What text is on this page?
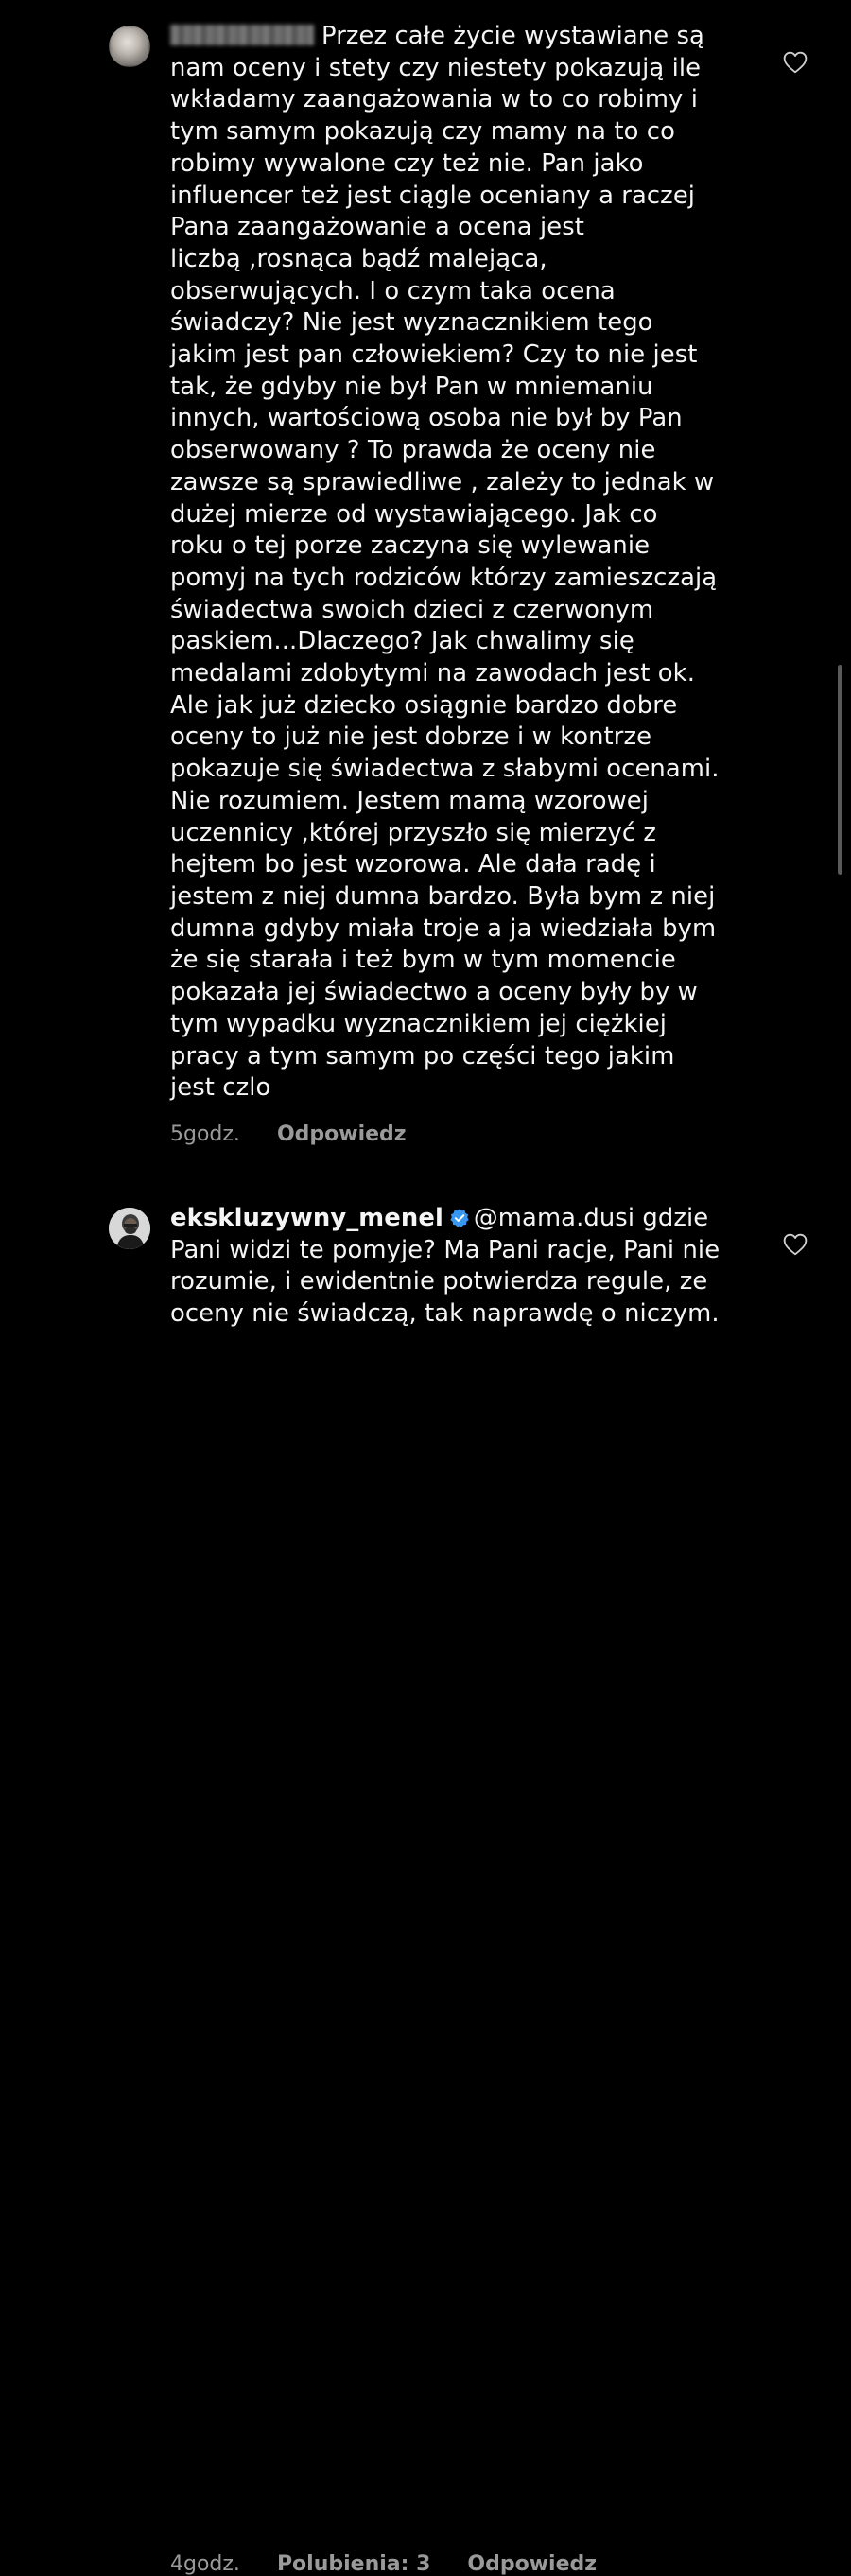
Przez całe życie wystawiane są
nam oceny i stety czy niestety pokazują ile
wkładamy zaangażowania w to co robimy i
tym samym pokazują czy mamy na to co
robimy wywalone czy też nie. Pan jako
influencer też jest ciągle oceniany a raczej
Pana zaangażowanie a ocena jest
liczbą ,rosnąca bądź malejąca,
obserwujących. I o czym taka ocena
świadczy? Nie jest wyznacznikiem tego
jakim jest pan człowiekiem? Czy to nie jest
tak, że gdyby nie był Pan w mniemaniu
innych, wartościową osoba nie był by Pan
obserwowany ? To prawda że oceny nie
zawsze są sprawiedliwe , zależy to jednak w
dużej mierze od wystawiającego. Jak co
roku o tej porze zaczyna się wylewanie
pomyj na tych rodziców którzy zamieszczają
świadectwa swoich dzieci z czerwonym
paskiem...Dlaczego? Jak chwalimy się
medalami zdobytymi na zawodach jest ok.
Ale jak już dziecko osiągnie bardzo dobre
oceny to już nie jest dobrze i w kontrze
pokazuje się świadectwa z słabymi ocenami.
Nie rozumiem. Jestem mamą wzorowej
uczennicy ,której przyszło się mierzyć z
hejtem bo jest wzorowa. Ale dała radę i
jestem z niej dumna bardzo. Była bym z niej
dumna gdyby miała troje a ja wiedziała bym
że się starała i też bym w tym momencie
pokazała jej świadectwo a oceny były by w
tym wypadku wyznacznikiem jej ciężkiej
pracy a tym samym po części tego jakim
jest czlo
5godz. Odpowiedz
ekskluzywny_menel @mama.dusi gdzie
Pani widzi te pomyje? Ma Pani racje, Pani nie
rozumie, i ewidentnie potwierdza regule, ze
oceny nie świadczą, tak naprawdę o niczym.
4godz. Polubienia: 3 Odpowiedz
